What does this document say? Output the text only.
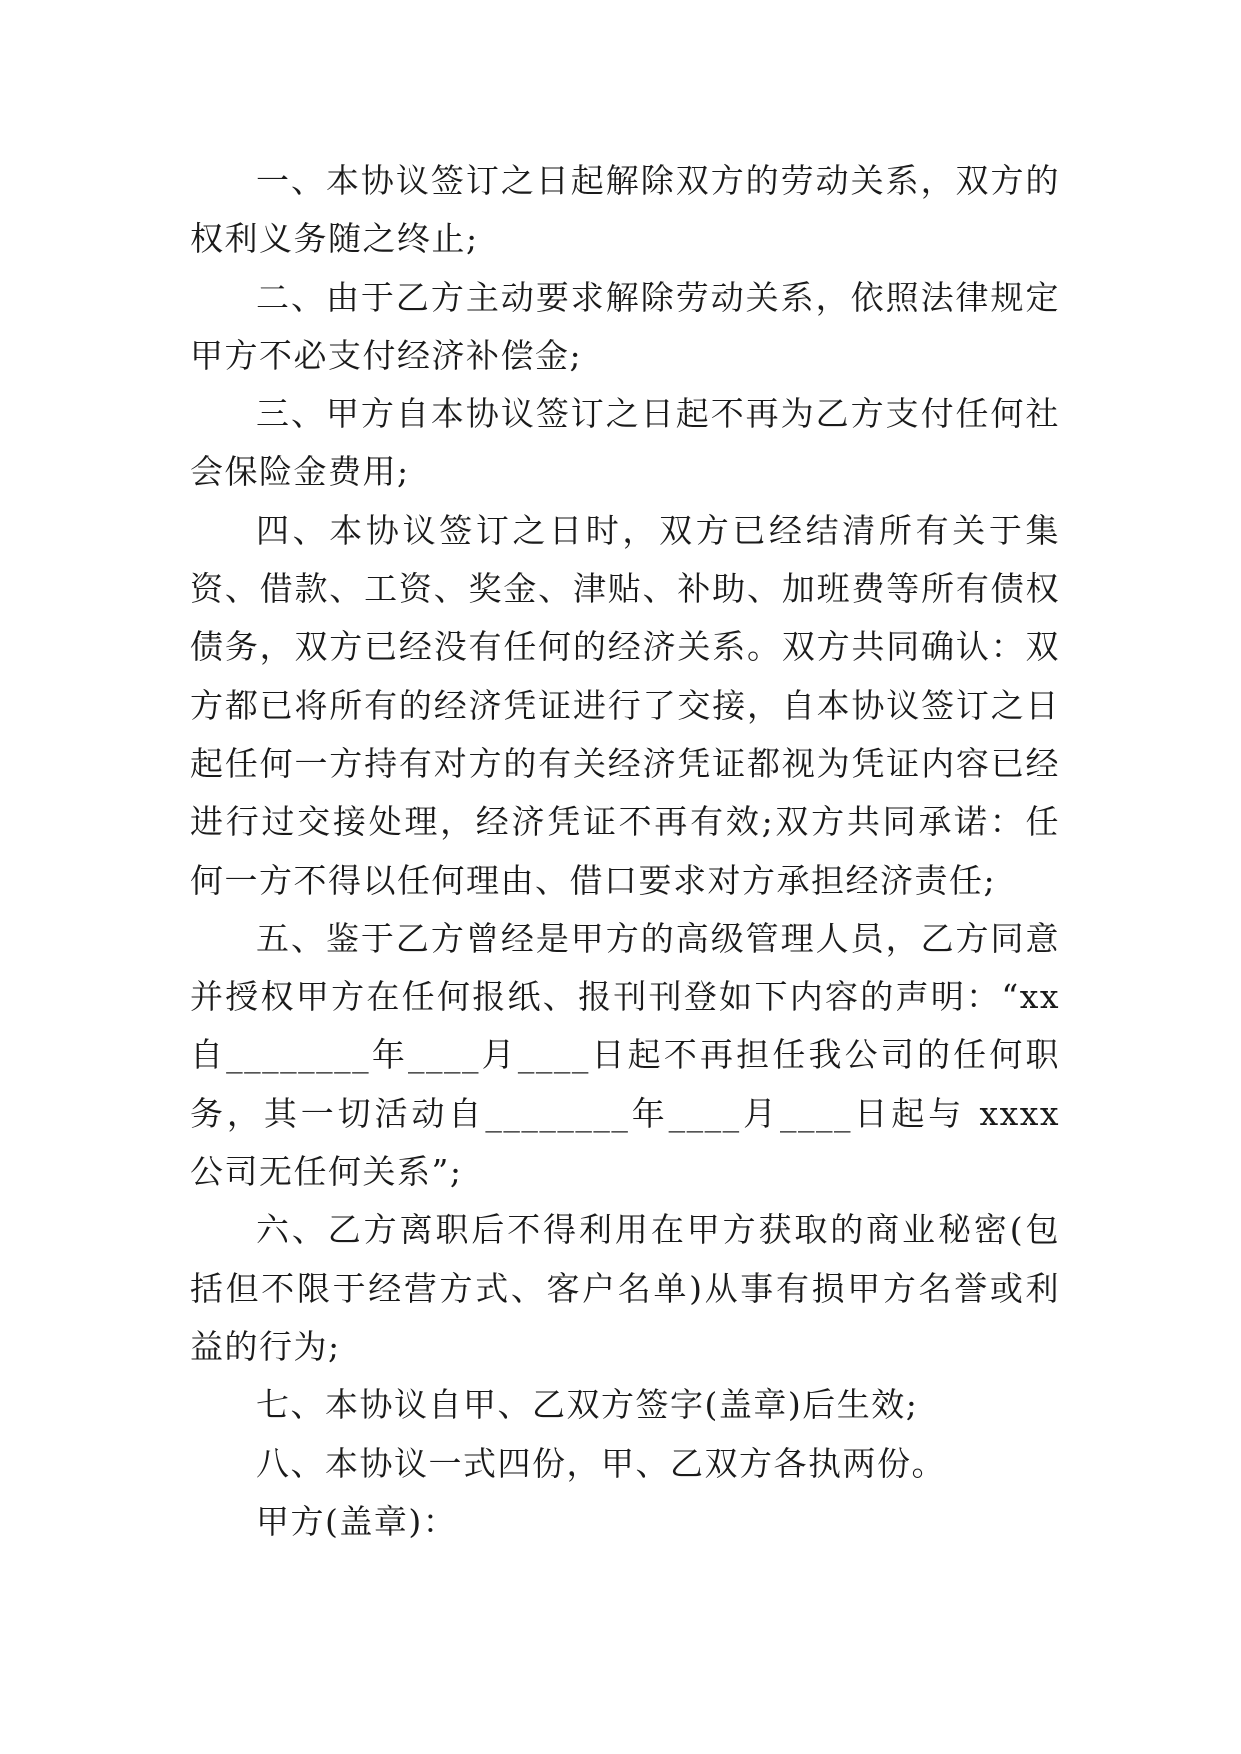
一、本协议签订之日起解除双方的劳动关系，双方的权利义务随之终止;

二、由于乙方主动要求解除劳动关系，依照法律规定甲方不必支付经济补偿金;

三、甲方自本协议签订之日起不再为乙方支付任何社会保险金费用;

四、本协议签订之日时，双方已经结清所有关于集资、借款、工资、奖金、津贴、补助、加班费等所有债权债务，双方已经没有任何的经济关系。双方共同确认：双方都已将所有的经济凭证进行了交接，自本协议签订之日起任何一方持有对方的有关经济凭证都视为凭证内容已经进行过交接处理，经济凭证不再有效;双方共同承诺：任何一方不得以任何理由、借口要求对方承担经济责任;

五、鉴于乙方曾经是甲方的高级管理人员，乙方同意并授权甲方在任何报纸、报刊刊登如下内容的声明：“xx 自________年____月____日起不再担任我公司的任何职务，其一切活动自________年____月____日起与 xxxx 公司无任何关系”;

六、乙方离职后不得利用在甲方获取的商业秘密(包括但不限于经营方式、客户名单)从事有损甲方名誉或利益的行为;

七、本协议自甲、乙双方签字(盖章)后生效;

八、本协议一式四份，甲、乙双方各执两份。

甲方(盖章)：
